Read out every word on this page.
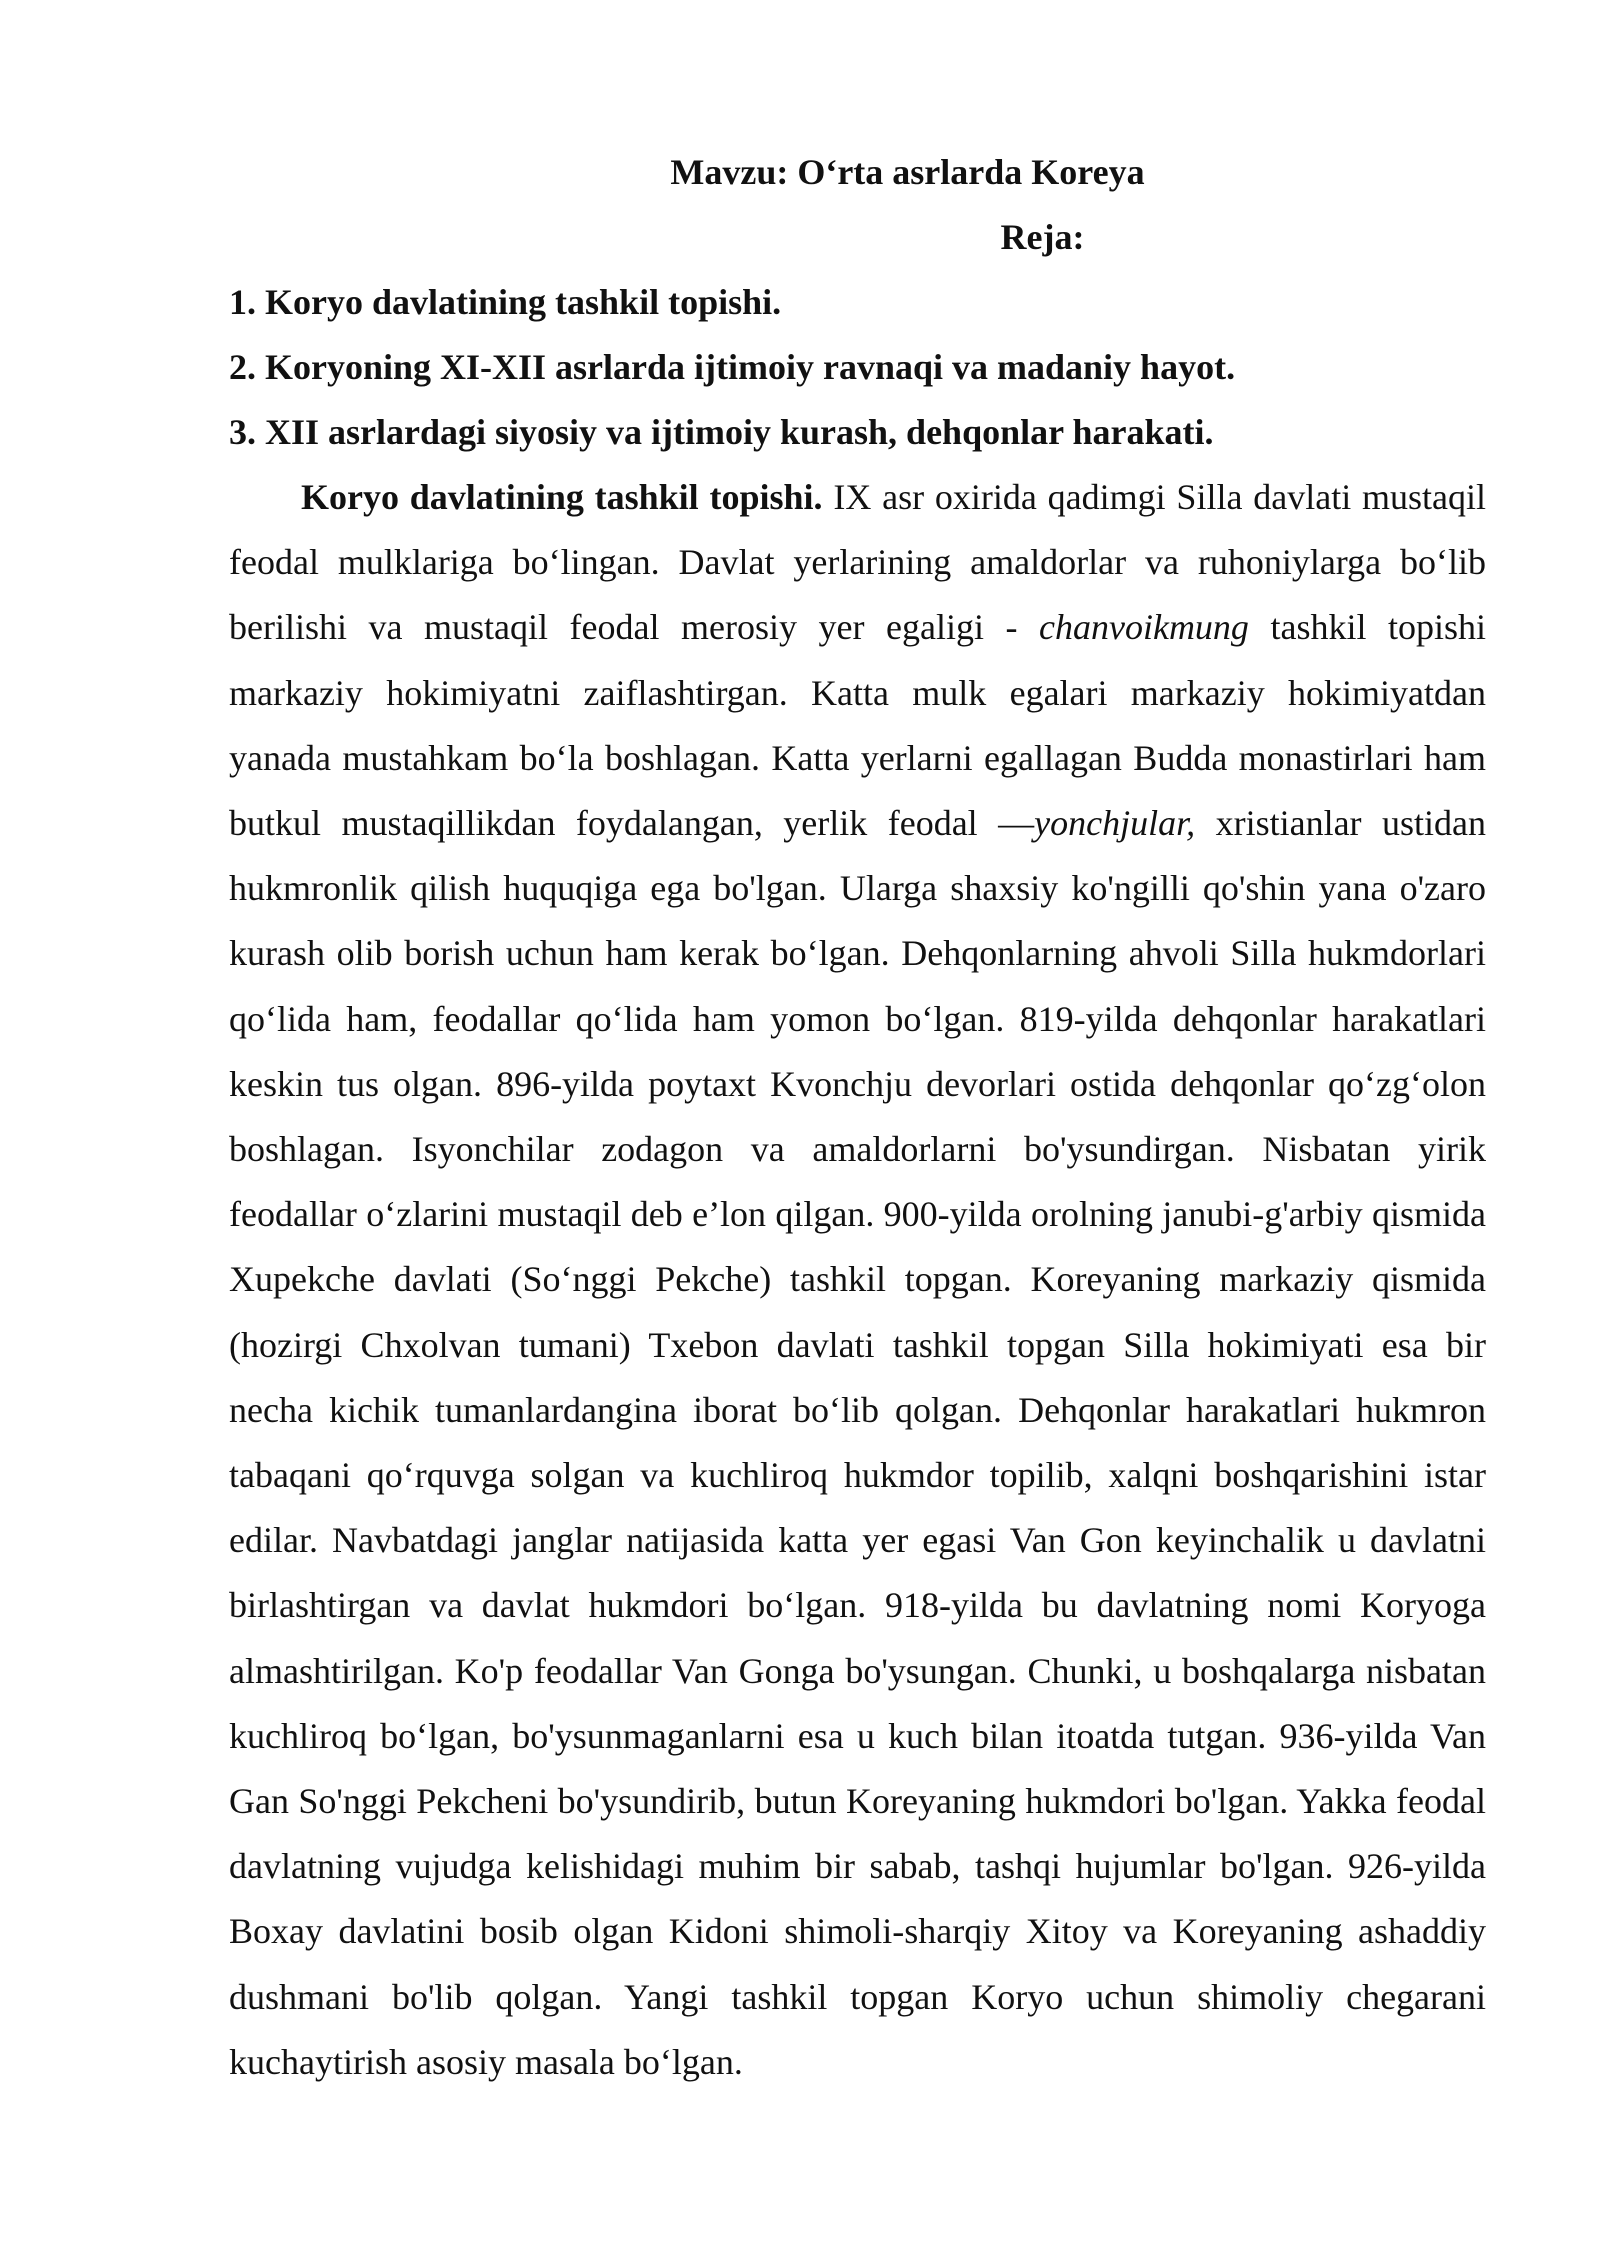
Mavzu: O‘rta asrlarda Koreya
Reja:
1. Koryo davlatining tashkil topishi.
2. Koryoning XI-XII asrlarda ijtimoiy ravnaqi va madaniy hayot.
3. XII asrlardagi siyosiy va ijtimoiy kurash, dehqonlar harakati.

Koryo davlatining tashkil topishi. IX asr oxirida qadimgi Silla davlati mustaqil feodal mulklariga bo‘lingan. Davlat yerlarining amaldorlar va ruhoniylarga bo‘lib berilishi va mustaqil feodal merosiy yer egaligi - chanvoikmung tashkil topishi markaziy hokimiyatni zaiflashtirgan. Katta mulk egalari markaziy hokimiyatdan yanada mustahkam bo‘la boshlagan. Katta yerlarni egallagan Budda monastirlari ham butkul mustaqillikdan foydalangan, yerlik feodal —yonchjular, xristianlar ustidan hukmronlik qilish huquqiga ega bo'lgan. Ularga shaxsiy ko'ngilli qo'shin yana o'zaro kurash olib borish uchun ham kerak bo‘lgan. Dehqonlarning ahvoli Silla hukmdorlari qo‘lida ham, feodallar qo‘lida ham yomon bo‘lgan. 819-yilda dehqonlar harakatlari keskin tus olgan. 896-yilda poytaxt Kvonchju devorlari ostida dehqonlar qo‘zg‘olon boshlagan. Isyonchilar zodagon va amaldorlarni bo'ysundirgan. Nisbatan yirik feodallar o‘zlarini mustaqil deb e’lon qilgan. 900-yilda orolning janubi-g'arbiy qismida Xupekche davlati (So‘nggi Pekche) tashkil topgan. Koreyaning markaziy qismida (hozirgi Chxolvan tumani) Txebon davlati tashkil topgan Silla hokimiyati esa bir necha kichik tumanlardangina iborat bo‘lib qolgan. Dehqonlar harakatlari hukmron tabaqani qo‘rquvga solgan va kuchliroq hukmdor topilib, xalqni boshqarishini istar edilar. Navbatdagi janglar natijasida katta yer egasi Van Gon keyinchalik u davlatni birlashtirgan va davlat hukmdori bo‘lgan. 918-yilda bu davlatning nomi Koryoga almashtirilgan. Ko'p feodallar Van Gonga bo'ysungan. Chunki, u boshqalarga nisbatan kuchliroq bo‘lgan, bo'ysunmaganlarni esa u kuch bilan itoatda tutgan. 936-yilda Van Gan So'nggi Pekcheni bo'ysundirib, butun Koreyaning hukmdori bo'lgan. Yakka feodal davlatning vujudga kelishidagi muhim bir sabab, tashqi hujumlar bo'lgan. 926-yilda Boxay davlatini bosib olgan Kidoni shimoli-sharqiy Xitoy va Koreyaning ashaddiy dushmani bo'lib qolgan. Yangi tashkil topgan Koryo uchun shimoliy chegarani kuchaytirish asosiy masala bo‘lgan.
